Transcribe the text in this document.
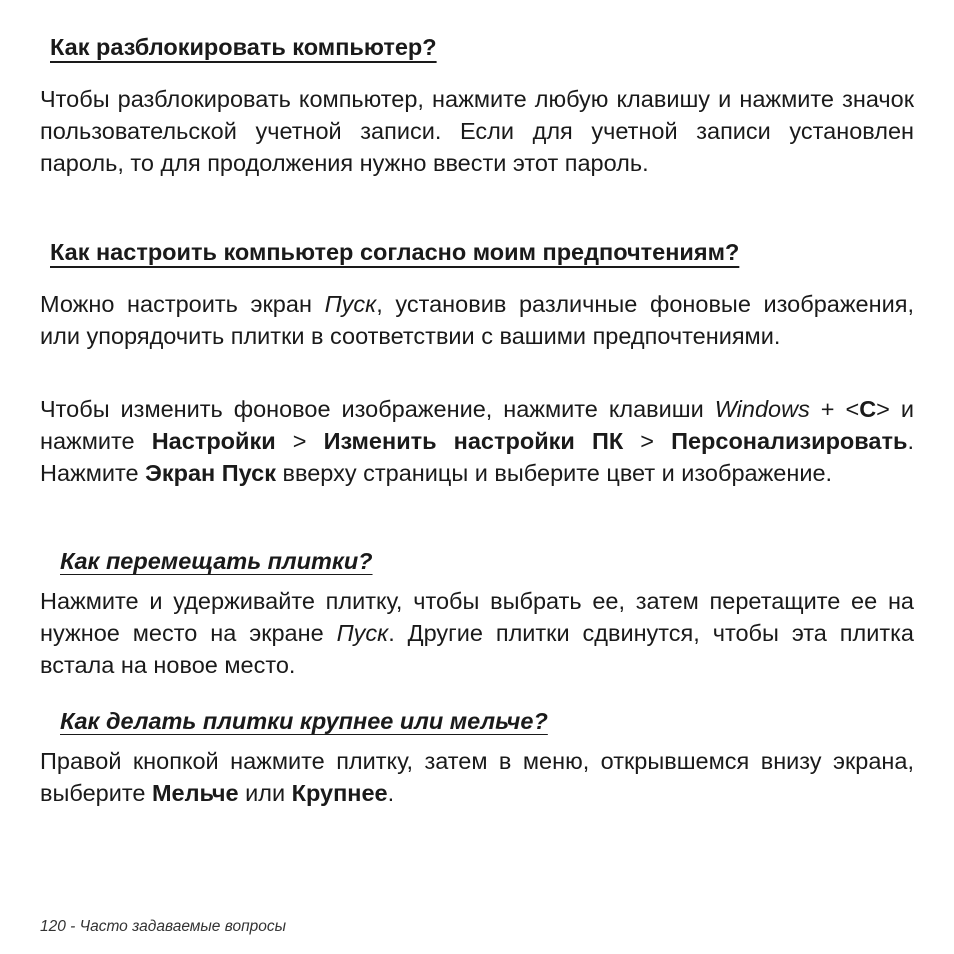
Как разблокировать компьютер?

Чтобы разблокировать компьютер, нажмите любую клавишу и нажмите значок пользовательской учетной записи. Если для учетной записи установлен пароль, то для продолжения нужно ввести этот пароль.

Как настроить компьютер согласно моим предпочтениям?

Можно настроить экран Пуск, установив различные фоновые изображения, или упорядочить плитки в соответствии с вашими предпочтениями.

Чтобы изменить фоновое изображение, нажмите клавиши Windows + <C> и нажмите Настройки > Изменить настройки ПК > Персонализировать. Нажмите Экран Пуск вверху страницы и выберите цвет и изображение.

Как перемещать плитки?

Нажмите и удерживайте плитку, чтобы выбрать ее, затем перетащите ее на нужное место на экране Пуск. Другие плитки сдвинутся, чтобы эта плитка встала на новое место.

Как делать плитки крупнее или мельче?

Правой кнопкой нажмите плитку, затем в меню, открывшемся внизу экрана, выберите Мельче или Крупнее.

120 - Часто задаваемые вопросы
